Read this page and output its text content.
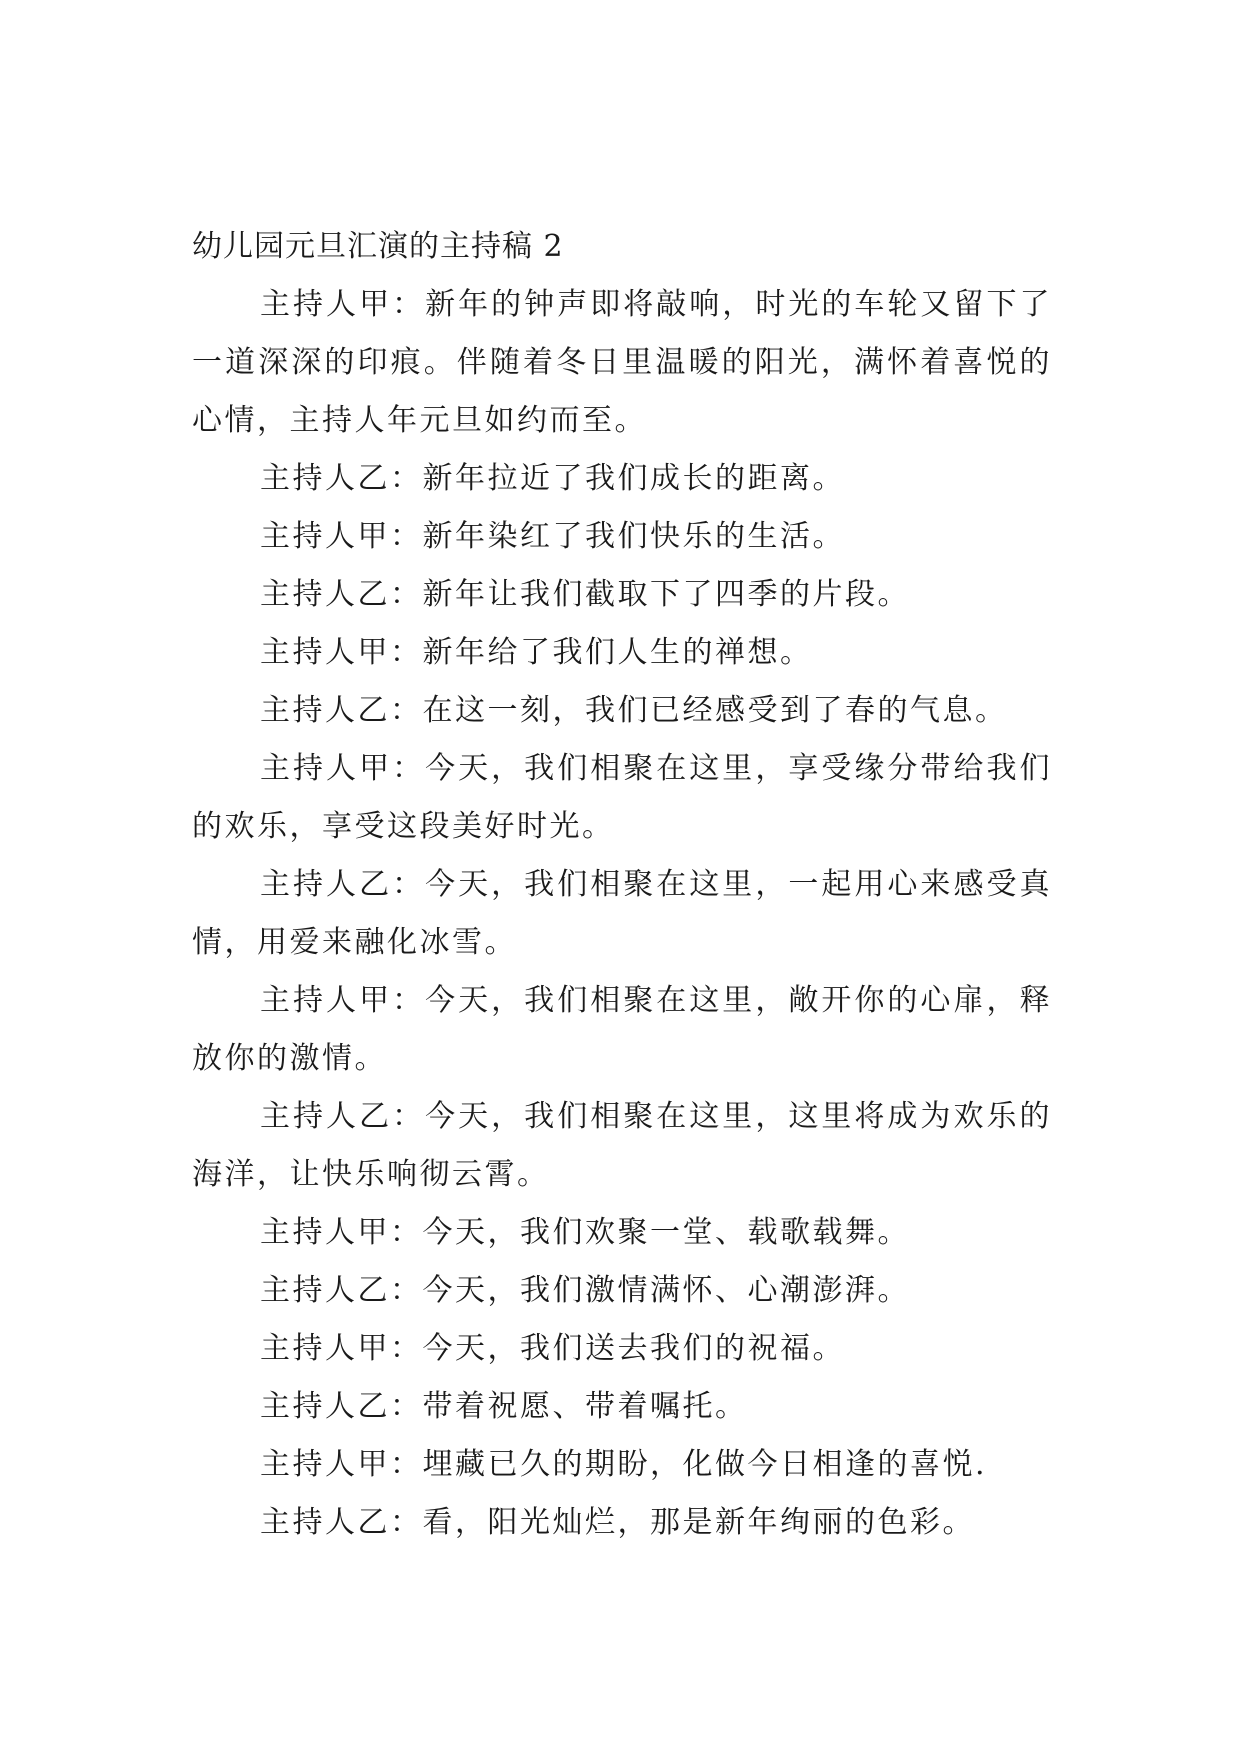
幼儿园元旦汇演的主持稿 2

主持人甲：新年的钟声即将敲响，时光的车轮又留下了一道深深的印痕。伴随着冬日里温暖的阳光，满怀着喜悦的心情，主持人年元旦如约而至。

主持人乙：新年拉近了我们成长的距离。

主持人甲：新年染红了我们快乐的生活。

主持人乙：新年让我们截取下了四季的片段。

主持人甲：新年给了我们人生的禅想。

主持人乙：在这一刻，我们已经感受到了春的气息。

主持人甲：今天，我们相聚在这里，享受缘分带给我们的欢乐，享受这段美好时光。

主持人乙：今天，我们相聚在这里，一起用心来感受真情，用爱来融化冰雪。

主持人甲：今天，我们相聚在这里，敞开你的心扉，释放你的激情。

主持人乙：今天，我们相聚在这里，这里将成为欢乐的海洋，让快乐响彻云霄。

主持人甲：今天，我们欢聚一堂、载歌载舞。

主持人乙：今天，我们激情满怀、心潮澎湃。

主持人甲：今天，我们送去我们的祝福。

主持人乙：带着祝愿、带着嘱托。

主持人甲：埋藏已久的期盼，化做今日相逢的喜悦.

主持人乙：看，阳光灿烂，那是新年绚丽的色彩。
